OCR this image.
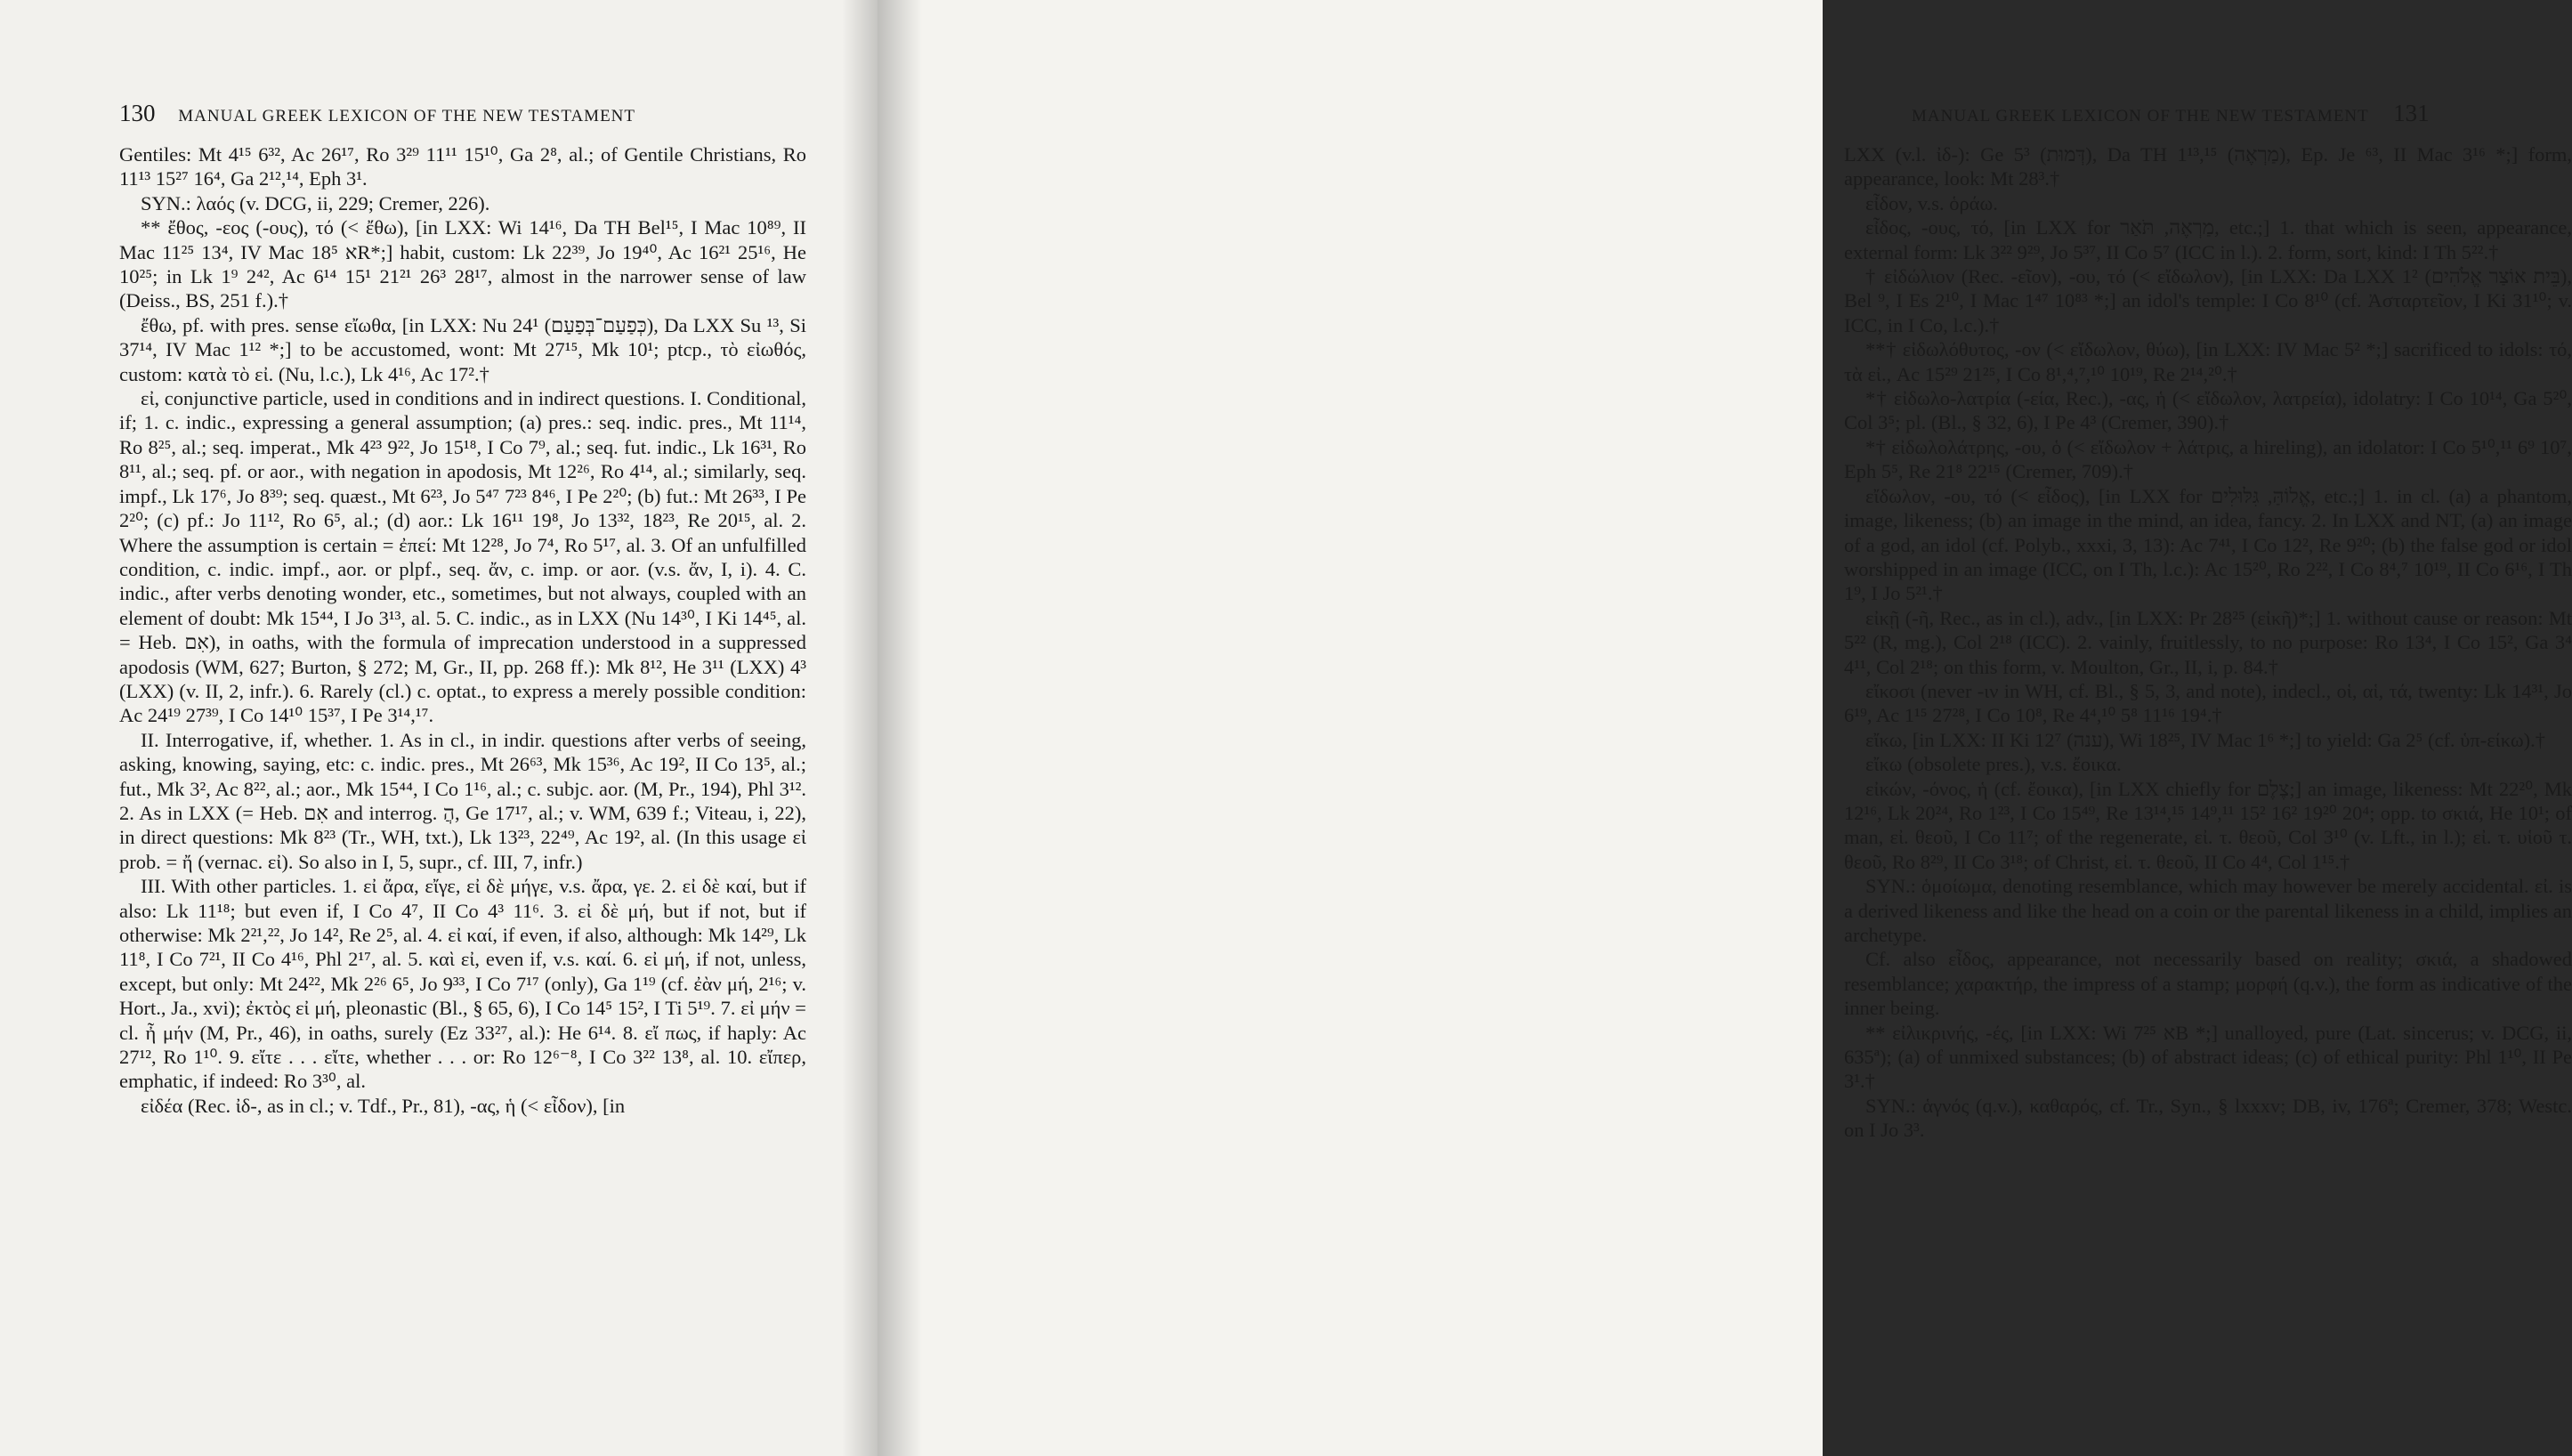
130 MANUAL GREEK LEXICON OF THE NEW TESTAMENT

Gentiles: Mt 4¹⁵ 6³², Ac 26¹⁷, Ro 3²⁹ 11¹¹ 15¹⁰, Ga 2⁸, al.; of Gentile Christians, Ro 11¹³ 15²⁷ 16⁴, Ga 2¹²,¹⁴, Eph 3¹.

SYN.: λαός (v. DCG, ii, 229; Cremer, 226).

** ἔθος, -εος (-ους), τό (< ἔθω), [in LXX: Wi 14¹⁶, Da TH Bel¹⁵, I Mac 10⁸⁹, II Mac 11²⁵ 13⁴, IV Mac 18⁵ אR*;] habit, custom: Lk 22³⁹, Jo 19⁴⁰, Ac 16²¹ 25¹⁶, He 10²⁵; in Lk 1⁹ 2⁴², Ac 6¹⁴ 15¹ 21²¹ 26³ 28¹⁷, almost in the narrower sense of law (Deiss., BS, 251 f.).†

ἔθω, pf. with pres. sense εἴωθα, [in LXX: Nu 24¹ (כְּפַעַם־בְּפַעַם), Da LXX Su ¹³, Si 37¹⁴, IV Mac 1¹² *;] to be accustomed, wont: Mt 27¹⁵, Mk 10¹; ptcp., τὸ εἰωθός, custom: κατὰ τὸ εἰ. (Nu, l.c.), Lk 4¹⁶, Ac 17².†

εἰ, conjunctive particle, used in conditions and in indirect questions. I. Conditional, if; 1. c. indic., expressing a general assumption; (a) pres.: seq. indic. pres., Mt 11¹⁴, Ro 8²⁵, al.; seq. imperat., Mk 4²³ 9²², Jo 15¹⁸, I Co 7⁹, al.; seq. fut. indic., Lk 16³¹, Ro 8¹¹, al.; seq. pf. or aor., with negation in apodosis, Mt 12²⁶, Ro 4¹⁴, al.; similarly, seq. impf., Lk 17⁶, Jo 8³⁹; seq. quæst., Mt 6²³, Jo 5⁴⁷ 7²³ 8⁴⁶, I Pe 2²⁰; (b) fut.: Mt 26³³, I Pe 2²⁰; (c) pf.: Jo 11¹², Ro 6⁵, al.; (d) aor.: Lk 16¹¹ 19⁸, Jo 13³², 18²³, Re 20¹⁵, al. 2. Where the assumption is certain = ἐπεί: Mt 12²⁸, Jo 7⁴, Ro 5¹⁷, al. 3. Of an unfulfilled condition, c. indic. impf., aor. or plpf., seq. ἄν, c. imp. or aor. (v.s. ἄν, I, i). 4. C. indic., after verbs denoting wonder, etc., sometimes, but not always, coupled with an element of doubt: Mk 15⁴⁴, I Jo 3¹³, al. 5. C. indic., as in LXX (Nu 14³⁰, I Ki 14⁴⁵, al. = Heb. אִם), in oaths, with the formula of imprecation understood in a suppressed apodosis (WM, 627; Burton, § 272; M, Gr., II, pp. 268 ff.): Mk 8¹², He 3¹¹ (LXX) 4³ (LXX) (v. II, 2, infr.). 6. Rarely (cl.) c. optat., to express a merely possible condition: Ac 24¹⁹ 27³⁹, I Co 14¹⁰ 15³⁷, I Pe 3¹⁴,¹⁷.

II. Interrogative, if, whether. 1. As in cl., in indir. questions after verbs of seeing, asking, knowing, saying, etc: c. indic. pres., Mt 26⁶³, Mk 15³⁶, Ac 19², II Co 13⁵, al.; fut., Mk 3², Ac 8²², al.; aor., Mk 15⁴⁴, I Co 1¹⁶, al.; c. subjc. aor. (M, Pr., 194), Phl 3¹². 2. As in LXX (= Heb. אִם and interrog. הֲ, Ge 17¹⁷, al.; v. WM, 639 f.; Viteau, i, 22), in direct questions: Mk 8²³ (Tr., WH, txt.), Lk 13²³, 22⁴⁹, Ac 19², al. (In this usage εἰ prob. = ἤ (vernac. εἰ). So also in I, 5, supr., cf. III, 7, infr.)

III. With other particles. 1. εἰ ἄρα, εἴγε, εἰ δὲ μήγε, v.s. ἄρα, γε. 2. εἰ δὲ καί, but if also: Lk 11¹⁸; but even if, I Co 4⁷, II Co 4³ 11⁶. 3. εἰ δὲ μή, but if not, but if otherwise: Mk 2²¹,²², Jo 14², Re 2⁵, al. 4. εἰ καί, if even, if also, although: Mk 14²⁹, Lk 11⁸, I Co 7²¹, II Co 4¹⁶, Phl 2¹⁷, al. 5. καὶ εἰ, even if, v.s. καί. 6. εἰ μή, if not, unless, except, but only: Mt 24²², Mk 2²⁶ 6⁵, Jo 9³³, I Co 7¹⁷ (only), Ga 1¹⁹ (cf. ἐὰν μή, 2¹⁶; v. Hort., Ja., xvi); ἐκτὸς εἰ μή, pleonastic (Bl., § 65, 6), I Co 14⁵ 15², I Ti 5¹⁹. 7. εἰ μήν = cl. ἦ μήν (M, Pr., 46), in oaths, surely (Ez 33²⁷, al.): He 6¹⁴. 8. εἴ πως, if haply: Ac 27¹², Ro 1¹⁰. 9. εἴτε . . . εἴτε, whether . . . or: Ro 12⁶⁻⁸, I Co 3²² 13⁸, al. 10. εἴπερ, emphatic, if indeed: Ro 3³⁰, al.

εἰδέα (Rec. ἰδ-, as in cl.; v. Tdf., Pr., 81), -ας, ἡ (< εἶδον), [in

MANUAL GREEK LEXICON OF THE NEW TESTAMENT 131

LXX (v.l. ἰδ-): Ge 5³ (דְּמוּת), Da TH 1¹³,¹⁵ (מַרְאֶה), Ep. Je ⁶³, II Mac 3¹⁶ *;] form, appearance, look: Mt 28³.†

εἶδον, v.s. ὁράω.

εἶδος, -ους, τό, [in LXX for מַרְאֶה, תֹּאַר, etc.;] 1. that which is seen, appearance, external form: Lk 3²² 9²⁹, Jo 5³⁷, II Co 5⁷ (ICC in l.). 2. form, sort, kind: I Th 5²².†

† εἰδώλιον (Rec. -εῖον), -ου, τό (< εἴδωλον), [in LXX: Da LXX 1² (בֵּית אוֹצַר אֱלֹהִים), Bel ⁹, I Es 2¹⁰, I Mac 1⁴⁷ 10⁸³ *;] an idol's temple: I Co 8¹⁰ (cf. Ἀσταρτεῖον, I Ki 31¹⁰; v. ICC, in I Co, l.c.).†

**† εἰδωλόθυτος, -ον (< εἴδωλον, θύω), [in LXX: IV Mac 5² *;] sacrificed to idols: τό, τὰ εἰ., Ac 15²⁹ 21²⁵, I Co 8¹,⁴,⁷,¹⁰ 10¹⁹, Re 2¹⁴,²⁰.†

*† εἰδωλο-λατρία (-εία, Rec.), -ας, ἡ (< εἴδωλον, λατρεία), idolatry: I Co 10¹⁴, Ga 5²⁰, Col 3⁵; pl. (Bl., § 32, 6), I Pe 4³ (Cremer, 390).†

*† εἰδωλολάτρης, -ου, ὁ (< εἴδωλον + λάτρις, a hireling), an idolator: I Co 5¹⁰,¹¹ 6⁹ 10⁷, Eph 5⁵, Re 21⁸ 22¹⁵ (Cremer, 709).†

εἴδωλον, -ου, τό (< εἶδος), [in LXX for אֱלוֹהַּ, גִּלּוּלִים, etc.;] 1. in cl. (a) a phantom, image, likeness; (b) an image in the mind, an idea, fancy. 2. In LXX and NT, (a) an image of a god, an idol (cf. Polyb., xxxi, 3, 13): Ac 7⁴¹, I Co 12², Re 9²⁰; (b) the false god or idol worshipped in an image (ICC, on I Th, l.c.): Ac 15²⁰, Ro 2²², I Co 8⁴,⁷ 10¹⁹, II Co 6¹⁶, I Th 1⁹, I Jo 5²¹.†

εἰκῇ (-ῆ, Rec., as in cl.), adv., [in LXX: Pr 28²⁵ (εἰκῆ)*;] 1. without cause or reason: Mt 5²² (R, mg.), Col 2¹⁸ (ICC). 2. vainly, fruitlessly, to no purpose: Ro 13⁴, I Co 15², Ga 3⁴ 4¹¹, Col 2¹⁸; on this form, v. Moulton, Gr., II, i, p. 84.†

εἴκοσι (never -ιν in WH, cf. Bl., § 5, 3, and note), indecl., οἱ, αἱ, τά, twenty: Lk 14³¹, Jo 6¹⁹, Ac 1¹⁵ 27²⁸, I Co 10⁸, Re 4⁴,¹⁰ 5⁸ 11¹⁶ 19⁴.†

εἴκω, [in LXX: II Ki 12⁷ (ענה), Wi 18²⁵, IV Mac 1⁶ *;] to yield: Ga 2⁵ (cf. ὑπ-είκω).†

εἴκω (obsolete pres.), v.s. ἔοικα.

εἰκών, -όνος, ἡ (cf. ἔοικα), [in LXX chiefly for צֶלֶם;] an image, likeness: Mt 22²⁰, Mk 12¹⁶, Lk 20²⁴, Ro 1²³, I Co 15⁴⁹, Re 13¹⁴,¹⁵ 14⁹,¹¹ 15² 16² 19²⁰ 20⁴; opp. to σκιά, He 10¹; of man, εἰ. θεοῦ, I Co 11⁷; of the regenerate, εἰ. τ. θεοῦ, Col 3¹⁰ (v. Lft., in l.); εἰ. τ. υἱοῦ τ. θεοῦ, Ro 8²⁹, II Co 3¹⁸; of Christ, εἰ. τ. θεοῦ, II Co 4⁴, Col 1¹⁵.†

SYN.: ὁμοίωμα, denoting resemblance, which may however be merely accidental. εἰ. is a derived likeness and like the head on a coin or the parental likeness in a child, implies an archetype.

Cf. also εἶδος, appearance, not necessarily based on reality; σκιά, a shadowed resemblance; χαρακτήρ, the impress of a stamp; μορφή (q.v.), the form as indicative of the inner being.

** εἰλικρινής, -ές, [in LXX: Wi 7²⁵ אB *;] unalloyed, pure (Lat. sincerus; v. DCG, ii, 635ª); (a) of unmixed substances; (b) of abstract ideas; (c) of ethical purity: Phl 1¹⁰, II Pe 3¹.†

SYN.: ἁγνός (q.v.), καθαρός, cf. Tr., Syn., § lxxxv; DB, iv, 176ª; Cremer, 378; Westc. on I Jo 3³.
